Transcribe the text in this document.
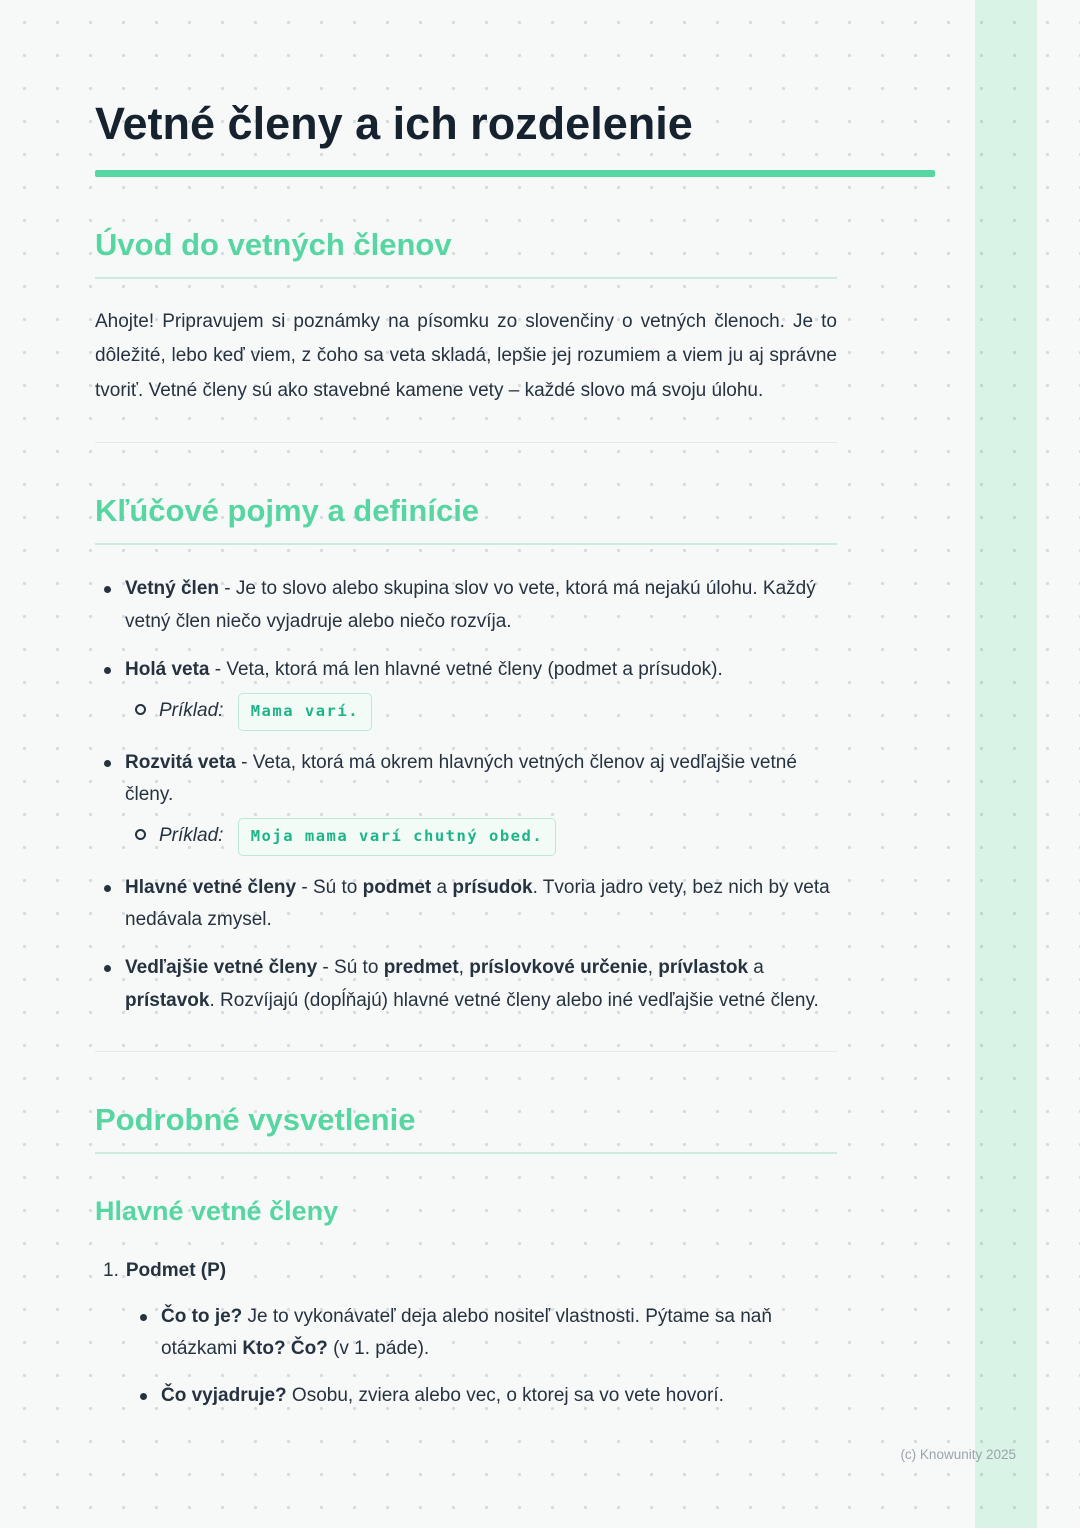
Vetné členy a ich rozdelenie
Úvod do vetných členov

Ahojte! Pripravujem si poznámky na písomku zo slovenčiny o vetných členoch. Je to dôležité, lebo keď viem, z čoho sa veta skladá, lepšie jej rozumiem a viem ju aj správne tvoriť. Vetné členy sú ako stavebné kamene vety – každé slovo má svoju úlohu.

Kľúčové pojmy a definície
Vetný člen - Je to slovo alebo skupina slov vo vete, ktorá má nejakú úlohu. Každý vetný člen niečo vyjadruje alebo niečo rozvíja.
Holá veta - Veta, ktorá má len hlavné vetné členy (podmet a prísudok).
Príklad: Mama varí.
Rozvitá veta - Veta, ktorá má okrem hlavných vetných členov aj vedľajšie vetné členy.
Príklad: Moja mama varí chutný obed.
Hlavné vetné členy - Sú to podmet a prísudok. Tvoria jadro vety, bez nich by veta nedávala zmysel.
Vedľajšie vetné členy - Sú to predmet, príslovkové určenie, prívlastok a prístavok. Rozvíjajú (dopĺňajú) hlavné vetné členy alebo iné vedľajšie vetné členy.
Podrobné vysvetlenie
Hlavné vetné členy
1. Podmet (P)
Čo to je? Je to vykonávateľ deja alebo nositeľ vlastnosti. Pýtame sa naň otázkami Kto? Čo? (v 1. páde).
Čo vyjadruje? Osobu, zviera alebo vec, o ktorej sa vo vete hovorí.
(c) Knowunity 2025
